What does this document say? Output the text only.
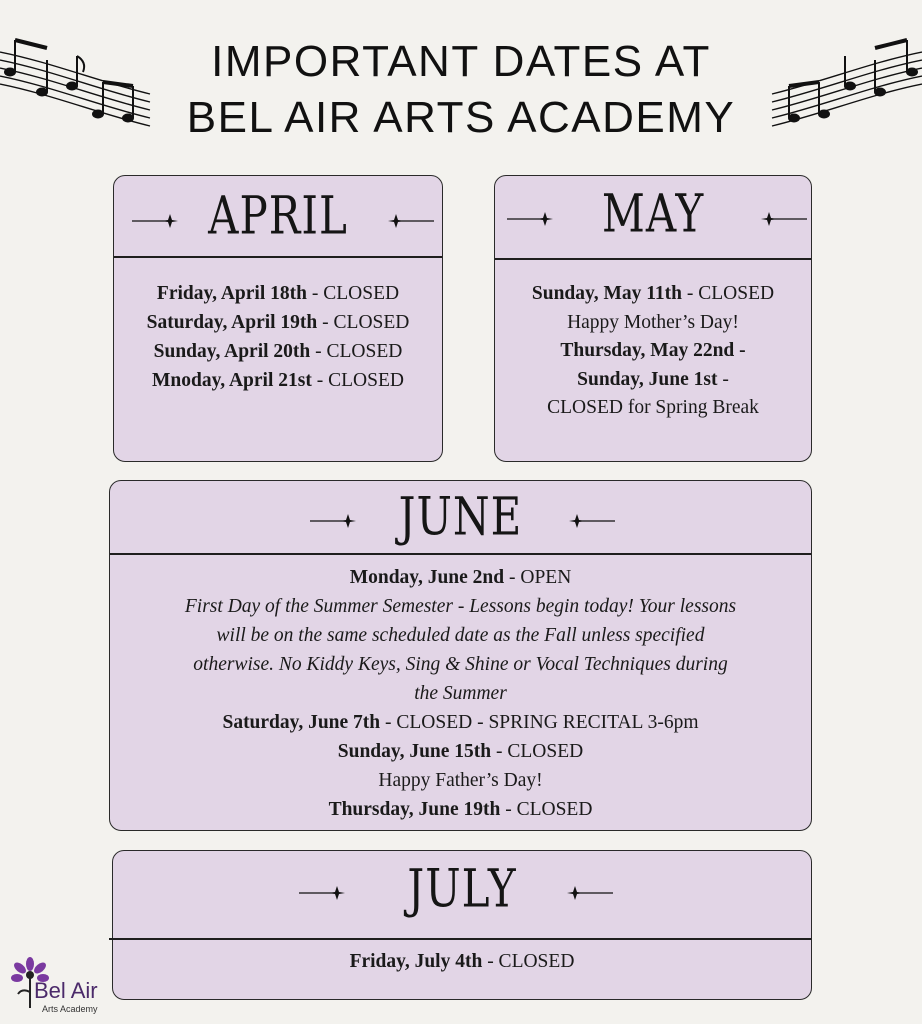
IMPORTANT DATES AT
BEL AIR ARTS ACADEMY
APRIL
Friday, April 18th - CLOSED
Saturday, April 19th - CLOSED
Sunday, April 20th - CLOSED
Mnoday, April 21st - CLOSED
MAY
Sunday, May 11th - CLOSED
Happy Mother’s Day!
Thursday, May 22nd -
Sunday, June 1st -
CLOSED for Spring Break
JUNE
Monday, June 2nd - OPEN
First Day of the Summer Semester - Lessons begin today! Your lessons
will be on the same scheduled date as the Fall unless specified
otherwise. No Kiddy Keys, Sing & Shine or Vocal Techniques during
the Summer
Saturday, June 7th - CLOSED - SPRING RECITAL 3-6pm
Sunday, June 15th - CLOSED
Happy Father’s Day!
Thursday, June 19th - CLOSED
JULY
Friday, July 4th - CLOSED
Bel Air
Arts Academy
